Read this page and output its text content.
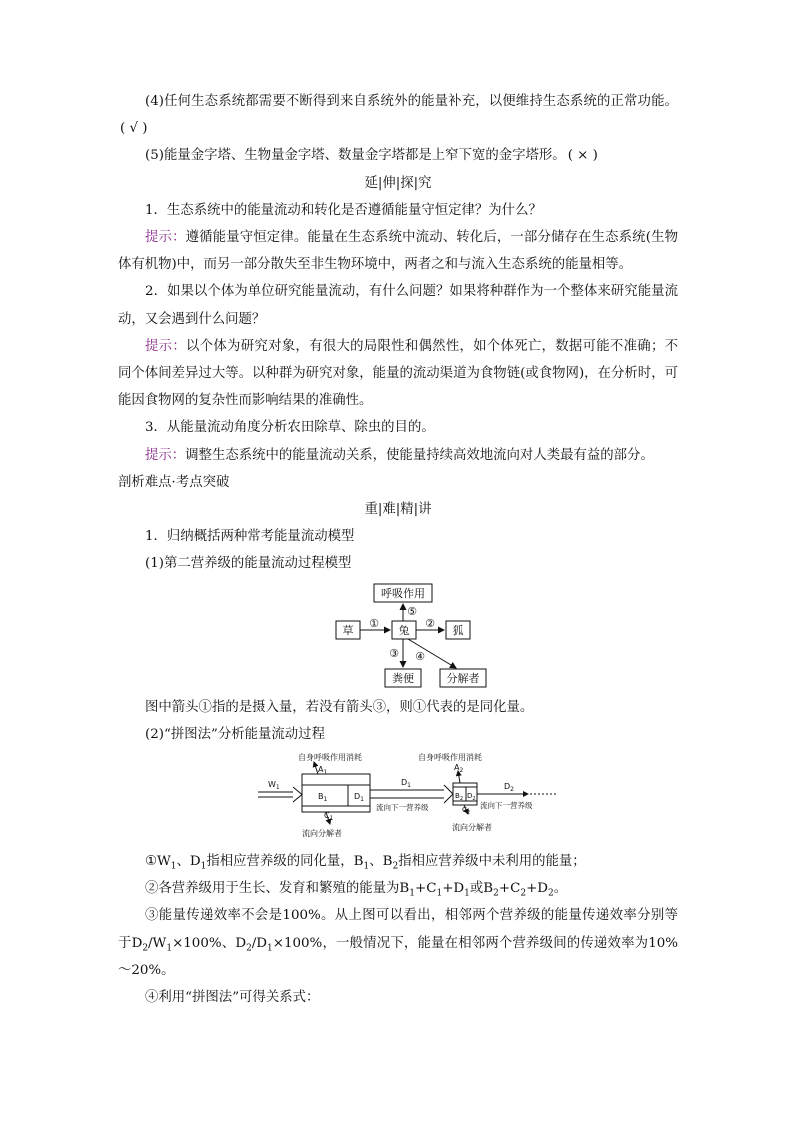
(4)任何生态系统都需要不断得到来自系统外的能量补充，以便维持生态系统的正常功能。( √ )

(5)能量金字塔、生物量金字塔、数量金字塔都是上窄下宽的金字塔形。 ( × )

延|伸|探|究

1．生态系统中的能量流动和转化是否遵循能量守恒定律？为什么？

提示：遵循能量守恒定律。能量在生态系统中流动、转化后，一部分储存在生态系统(生物体有机物)中，而另一部分散失至非生物环境中，两者之和与流入生态系统的能量相等。

2．如果以个体为单位研究能量流动，有什么问题？如果将种群作为一个整体来研究能量流动，又会遇到什么问题？

提示：以个体为研究对象，有很大的局限性和偶然性，如个体死亡，数据可能不准确；不同个体间差异过大等。以种群为研究对象，能量的流动渠道为食物链(或食物网)，在分析时，可能因食物网的复杂性而影响结果的准确性。

3．从能量流动角度分析农田除草、除虫的目的。

提示：调整生态系统中的能量流动关系，使能量持续高效地流向对人类最有益的部分。

剖析难点·考点突破

重|难|精|讲

1．归纳概括两种常考能量流动模型

(1)第二营养级的能量流动过程模型

呼吸作用
草	兔	狐
粪便	分解者
①	②
③ ④
⑤

图中箭头①指的是摄入量，若没有箭头③，则①代表的是同化量。

(2)“拼图法”分析能量流动过程

自身呼吸作用消耗	自身呼吸作用消耗
$W_1$
$A_1$
$B_1$	$D_1$
$C_1$
$D_1$
流向下一营养级
流向分解者
$A_2$
$B_2$ $D_2$
$C_2$
$D_2$
流向下一营养级
流向分解者

$①W_1$、$D_1$指相应营养级的同化量，$B_1$、$B_2$指相应营养级中未利用的能量；

②各营养级用于生长、发育和繁殖的能量为$B_1+C_1+D_1$或$B_2+C_2+D_2$。

③能量传递效率不会是100%。从上图可以看出，相邻两个营养级的能量传递效率分别等于$D_2/W_1\times 100\%$、$D_2/D_1\times 100\%$，一般情况下，能量在相邻两个营养级间的传递效率为10%～20%。

④利用“拼图法”可得关系式：
